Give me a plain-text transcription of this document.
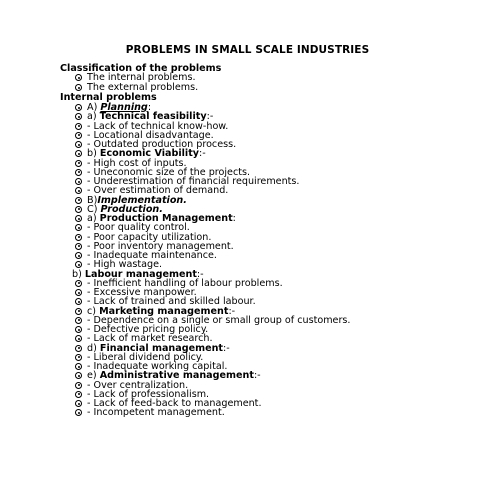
PROBLEMS IN SMALL SCALE INDUSTRIES
Classification of the problems
The internal problems.
The external problems.
Internal problems
A) Planning:
a) Technical feasibility:-
- Lack of technical know-how.
- Locational disadvantage.
- Outdated production process.
b) Economic Viability:-
- High cost of inputs.
- Uneconomic size of the projects.
- Underestimation of financial requirements.
- Over estimation of demand.
B)Implementation.
C) Production.
a) Production Management:
- Poor quality control.
- Poor capacity utilization.
- Poor inventory management.
- Inadequate maintenance.
- High wastage.
b) Labour management:-
- Inefficient handling of labour problems.
- Excessive manpower.
- Lack of trained and skilled labour.
c) Marketing management:-
- Dependence on a single or small group of customers.
- Defective pricing policy.
- Lack of market research.
d) Financial management:-
- Liberal dividend policy.
- Inadequate working capital.
e) Administrative management:-
- Over centralization.
- Lack of professionalism.
- Lack of feed-back to management.
- Incompetent management.
